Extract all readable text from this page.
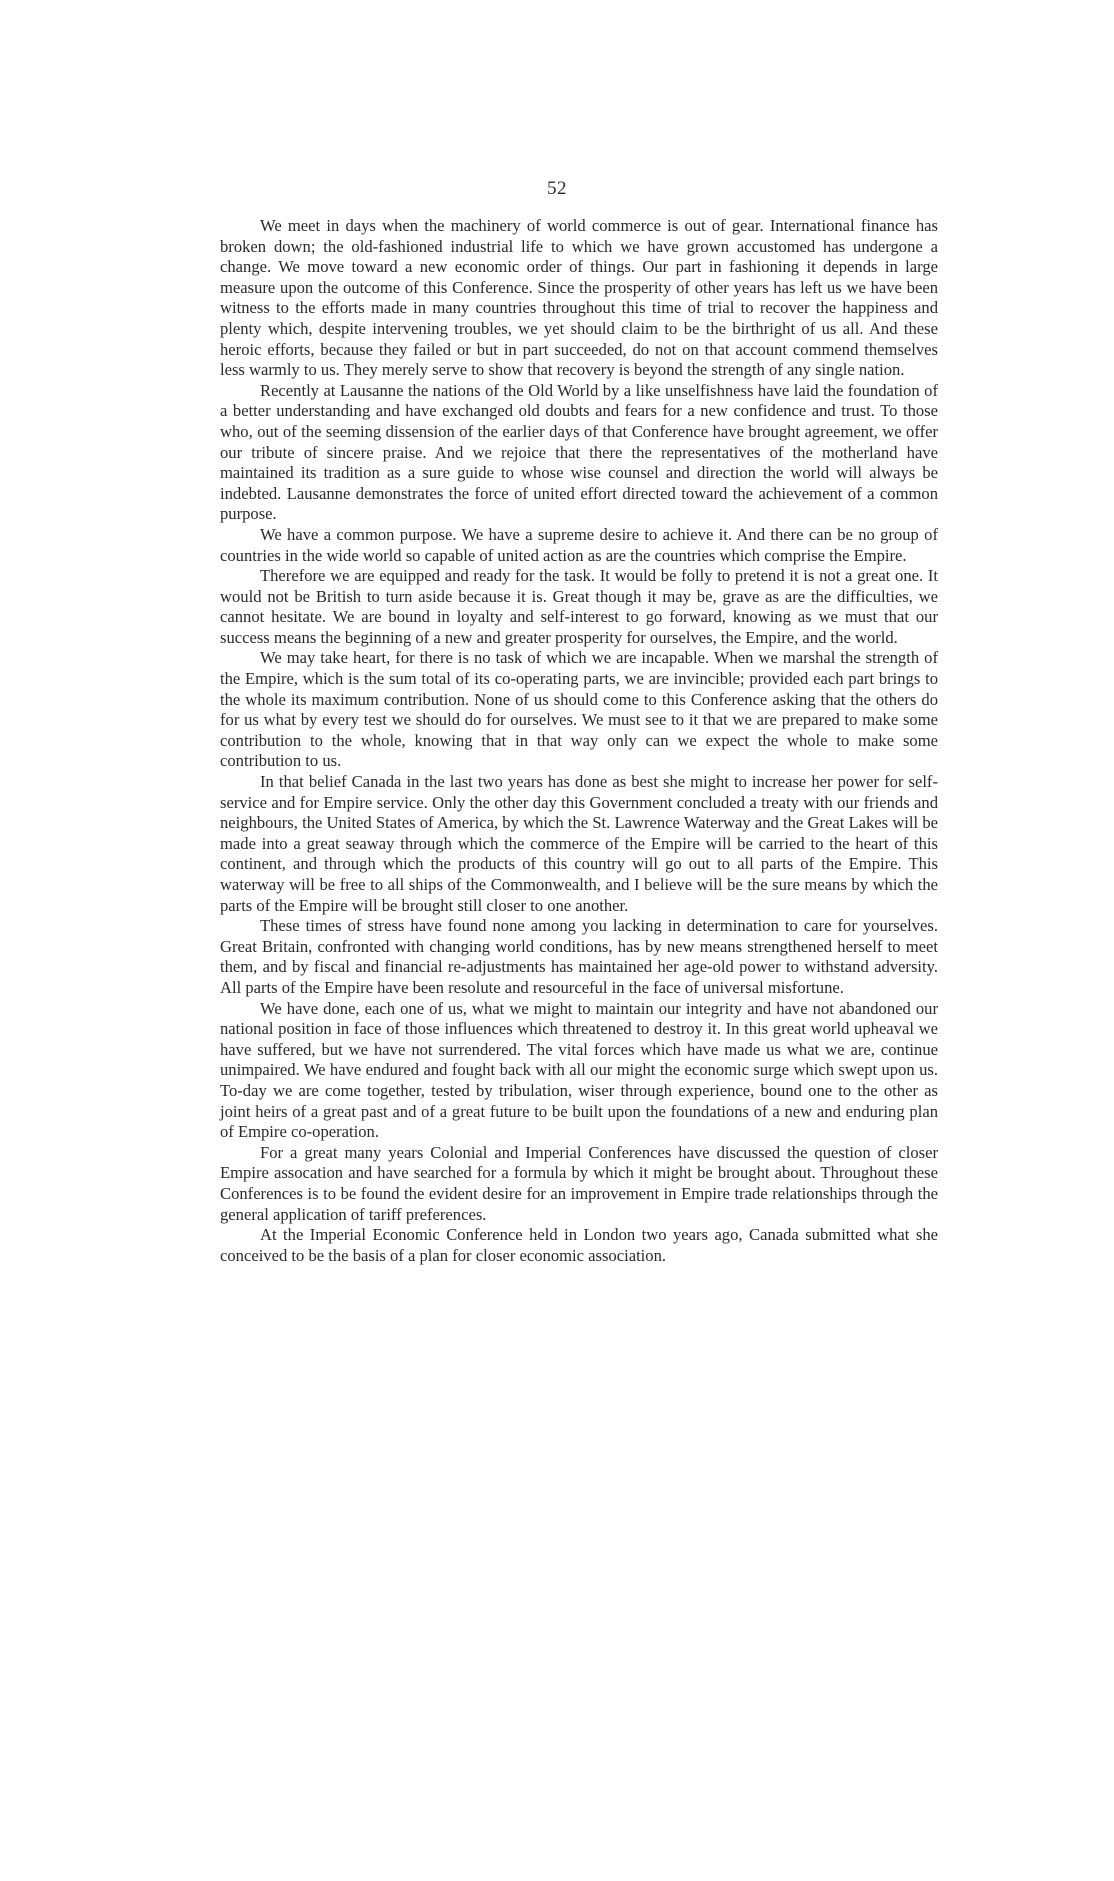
52

We meet in days when the machinery of world commerce is out of gear. International finance has broken down; the old-fashioned industrial life to which we have grown accustomed has undergone a change. We move toward a new economic order of things. Our part in fashioning it depends in large measure upon the outcome of this Conference. Since the prosperity of other years has left us we have been witness to the efforts made in many countries throughout this time of trial to recover the happiness and plenty which, despite intervening troubles, we yet should claim to be the birthright of us all. And these heroic efforts, because they failed or but in part succeeded, do not on that account commend themselves less warmly to us. They merely serve to show that recovery is beyond the strength of any single nation.

Recently at Lausanne the nations of the Old World by a like unselfishness have laid the foundation of a better understanding and have exchanged old doubts and fears for a new confidence and trust. To those who, out of the seeming dissension of the earlier days of that Conference have brought agreement, we offer our tribute of sincere praise. And we rejoice that there the representatives of the motherland have maintained its tradition as a sure guide to whose wise counsel and direction the world will always be indebted. Lausanne demonstrates the force of united effort directed toward the achievement of a common purpose.

We have a common purpose. We have a supreme desire to achieve it. And there can be no group of countries in the wide world so capable of united action as are the countries which comprise the Empire.

Therefore we are equipped and ready for the task. It would be folly to pretend it is not a great one. It would not be British to turn aside because it is. Great though it may be, grave as are the difficulties, we cannot hesitate. We are bound in loyalty and self-interest to go forward, knowing as we must that our success means the beginning of a new and greater prosperity for ourselves, the Empire, and the world.

We may take heart, for there is no task of which we are incapable. When we marshal the strength of the Empire, which is the sum total of its co-operating parts, we are invincible; provided each part brings to the whole its maximum contribution. None of us should come to this Conference asking that the others do for us what by every test we should do for ourselves. We must see to it that we are prepared to make some contribution to the whole, knowing that in that way only can we expect the whole to make some contribution to us.

In that belief Canada in the last two years has done as best she might to increase her power for self-service and for Empire service. Only the other day this Government concluded a treaty with our friends and neighbours, the United States of America, by which the St. Lawrence Waterway and the Great Lakes will be made into a great seaway through which the commerce of the Empire will be carried to the heart of this continent, and through which the products of this country will go out to all parts of the Empire. This waterway will be free to all ships of the Commonwealth, and I believe will be the sure means by which the parts of the Empire will be brought still closer to one another.

These times of stress have found none among you lacking in determination to care for yourselves. Great Britain, confronted with changing world conditions, has by new means strengthened herself to meet them, and by fiscal and financial re-adjustments has maintained her age-old power to withstand adversity. All parts of the Empire have been resolute and resourceful in the face of universal misfortune.

We have done, each one of us, what we might to maintain our integrity and have not abandoned our national position in face of those influences which threatened to destroy it. In this great world upheaval we have suffered, but we have not surrendered. The vital forces which have made us what we are, continue unimpaired. We have endured and fought back with all our might the economic surge which swept upon us. To-day we are come together, tested by tribulation, wiser through experience, bound one to the other as joint heirs of a great past and of a great future to be built upon the foundations of a new and enduring plan of Empire co-operation.

For a great many years Colonial and Imperial Conferences have discussed the question of closer Empire assocation and have searched for a formula by which it might be brought about. Throughout these Conferences is to be found the evident desire for an improvement in Empire trade relationships through the general application of tariff preferences.

At the Imperial Economic Conference held in London two years ago, Canada submitted what she conceived to be the basis of a plan for closer economic association.
